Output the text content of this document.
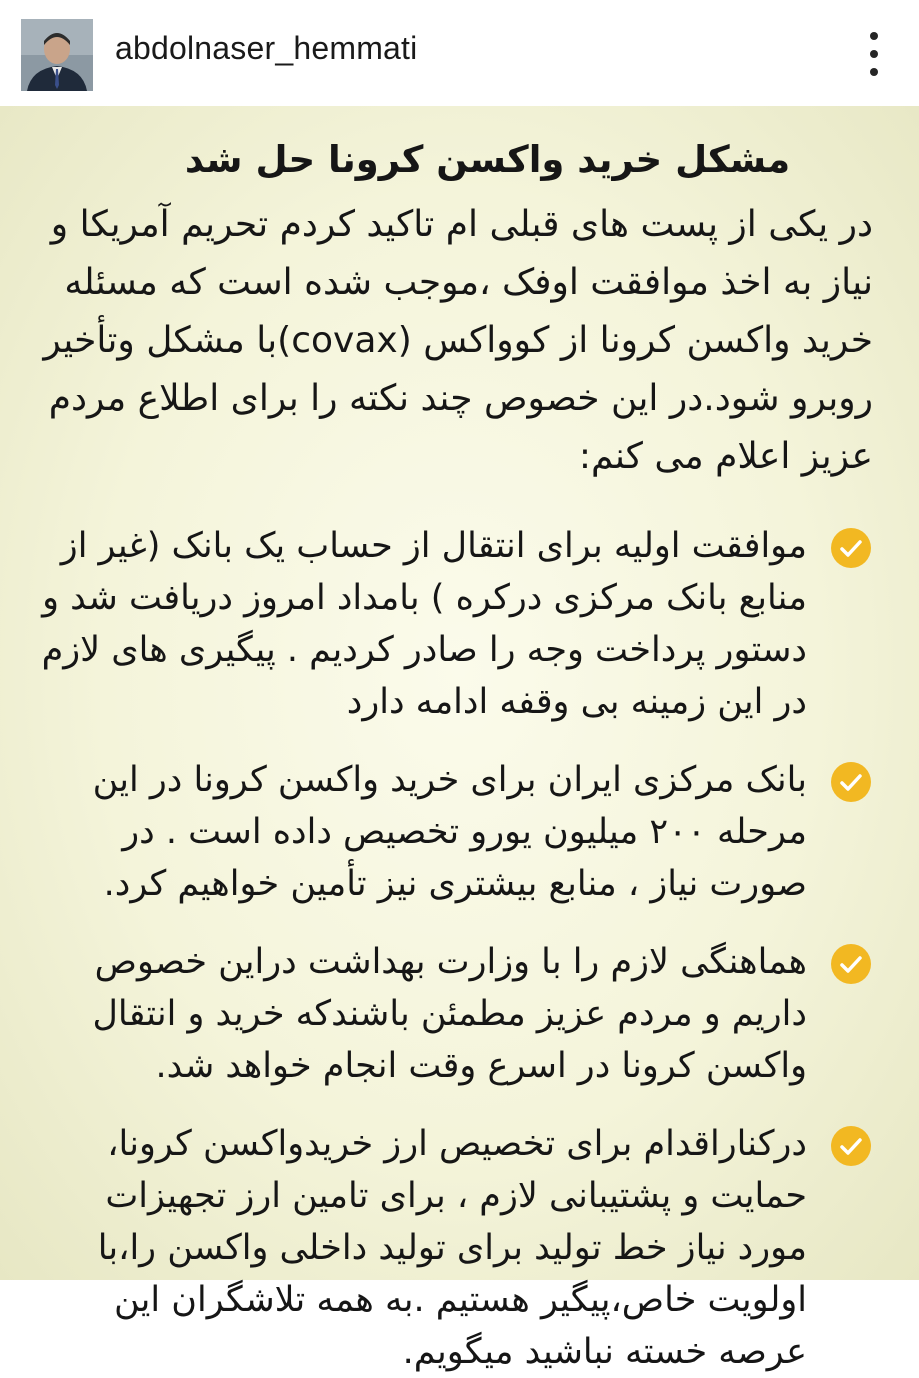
abdolnaser_hemmati
مشکل خرید واکسن کرونا حل شد

در یکی از پست های قبلی ام تاکید کردم تحریم آمریکا و نیاز به اخذ موافقت اوفک ،موجب شده است که مسئله خرید واکسن کرونا از کوواکس (covax)با مشکل وتأخیر روبرو شود.در این خصوص چند نکته را برای اطلاع مردم عزیز اعلام می کنم:

موافقت اولیه برای انتقال از حساب یک بانک (غیر از منابع بانک مرکزی درکره ) بامداد امروز دریافت شد و دستور پرداخت وجه را صادر کردیم . پیگیری های لازم در این زمینه بی وقفه ادامه دارد
بانک مرکزی ایران برای خرید واکسن کرونا در این مرحله ۲۰۰ میلیون یورو تخصیص داده است . در صورت نیاز ، منابع بیشتری نیز تأمین خواهیم کرد.
هماهنگی لازم را با وزارت بهداشت دراین خصوص داریم و مردم عزیز مطمئن باشندکه خرید و انتقال واکسن کرونا در اسرع وقت انجام خواهد شد.
درکناراقدام برای تخصیص ارز خریدواکسن کرونا، حمایت و پشتیبانی لازم ، برای تامین ارز تجهیزات مورد نیاز خط تولید برای تولید داخلی واکسن را،با اولویت خاص،پیگیر هستیم .به همه تلاشگران این عرصه خسته نباشید میگویم.
